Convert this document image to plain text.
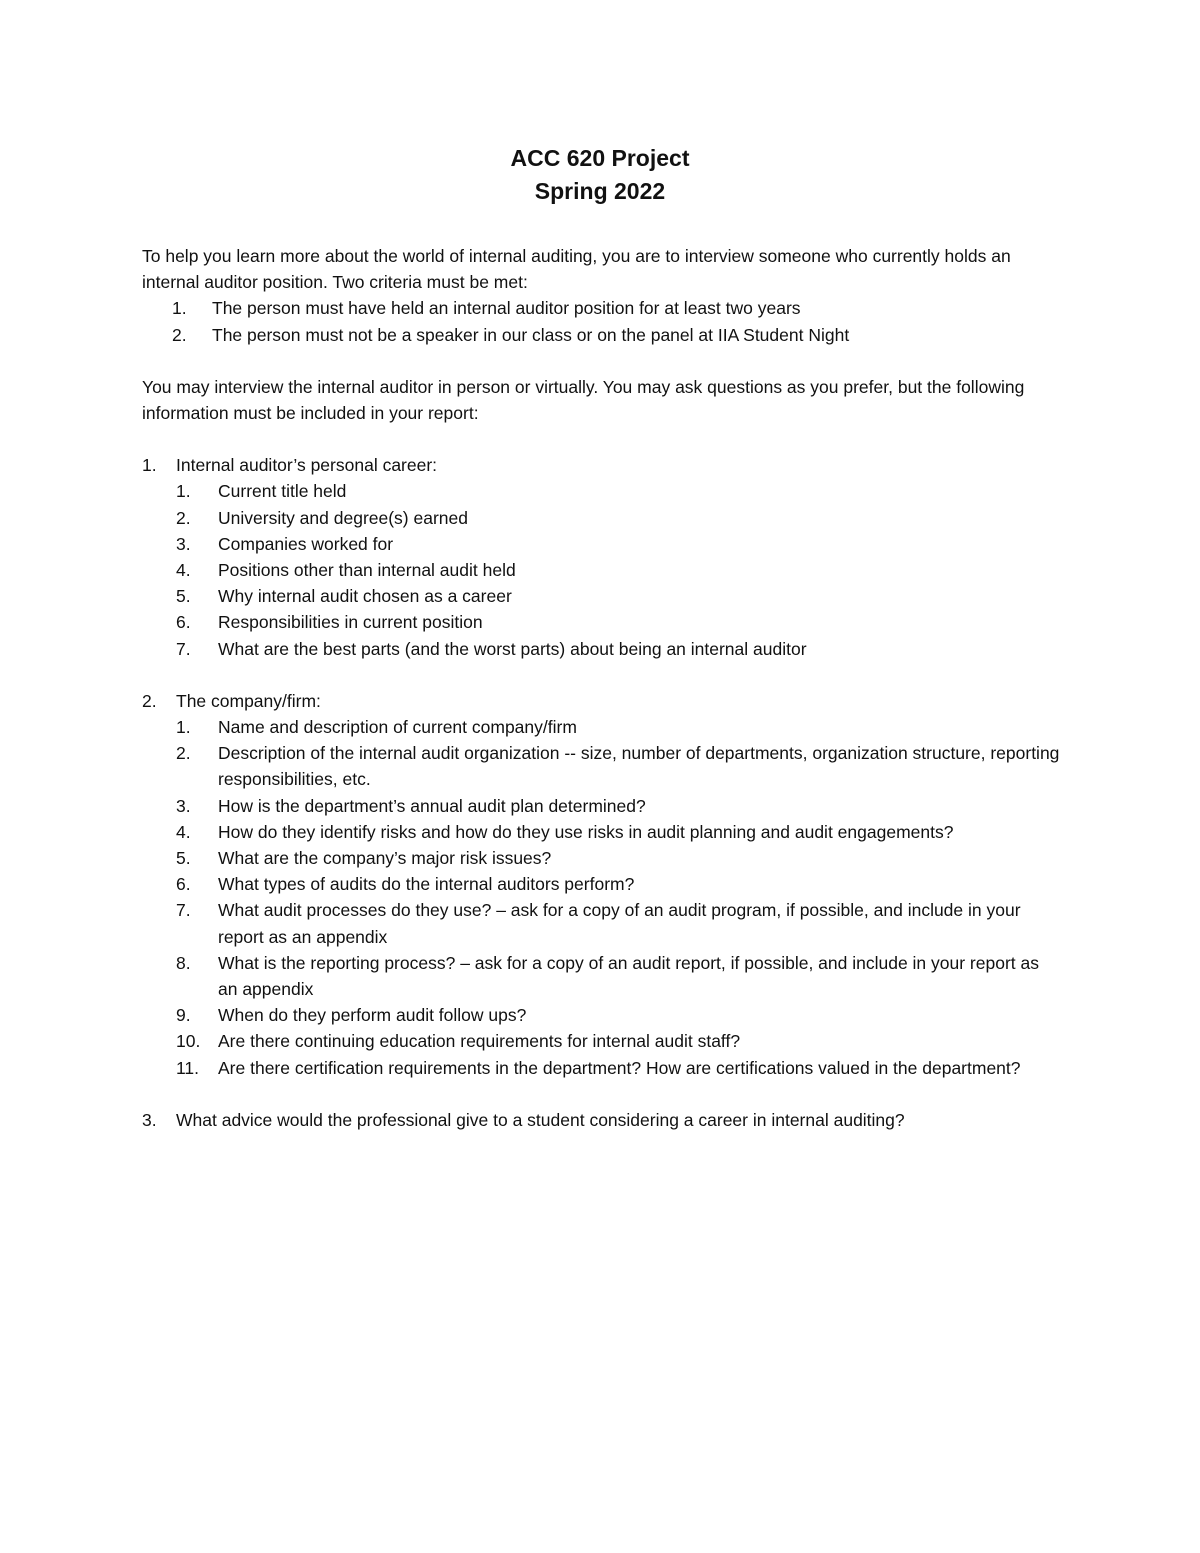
ACC 620 Project
Spring 2022

To help you learn more about the world of internal auditing, you are to interview someone who currently holds an internal auditor position. Two criteria must be met:

1. The person must have held an internal auditor position for at least two years
2. The person must not be a speaker in our class or on the panel at IIA Student Night

You may interview the internal auditor in person or virtually. You may ask questions as you prefer, but the following information must be included in your report:

1. Internal auditor’s personal career:
1. Current title held
2. University and degree(s) earned
3. Companies worked for
4. Positions other than internal audit held
5. Why internal audit chosen as a career
6. Responsibilities in current position
7. What are the best parts (and the worst parts) about being an internal auditor
2. The company/firm:
1. Name and description of current company/firm
2. Description of the internal audit organization -- size, number of departments, organization structure, reporting responsibilities, etc.
3. How is the department’s annual audit plan determined?
4. How do they identify risks and how do they use risks in audit planning and audit engagements?
5. What are the company’s major risk issues?
6. What types of audits do the internal auditors perform?
7. What audit processes do they use? – ask for a copy of an audit program, if possible, and include in your report as an appendix
8. What is the reporting process? – ask for a copy of an audit report, if possible, and include in your report as an appendix
9. When do they perform audit follow ups?
10. Are there continuing education requirements for internal audit staff?
11. Are there certification requirements in the department? How are certifications valued in the department?
3. What advice would the professional give to a student considering a career in internal auditing?
